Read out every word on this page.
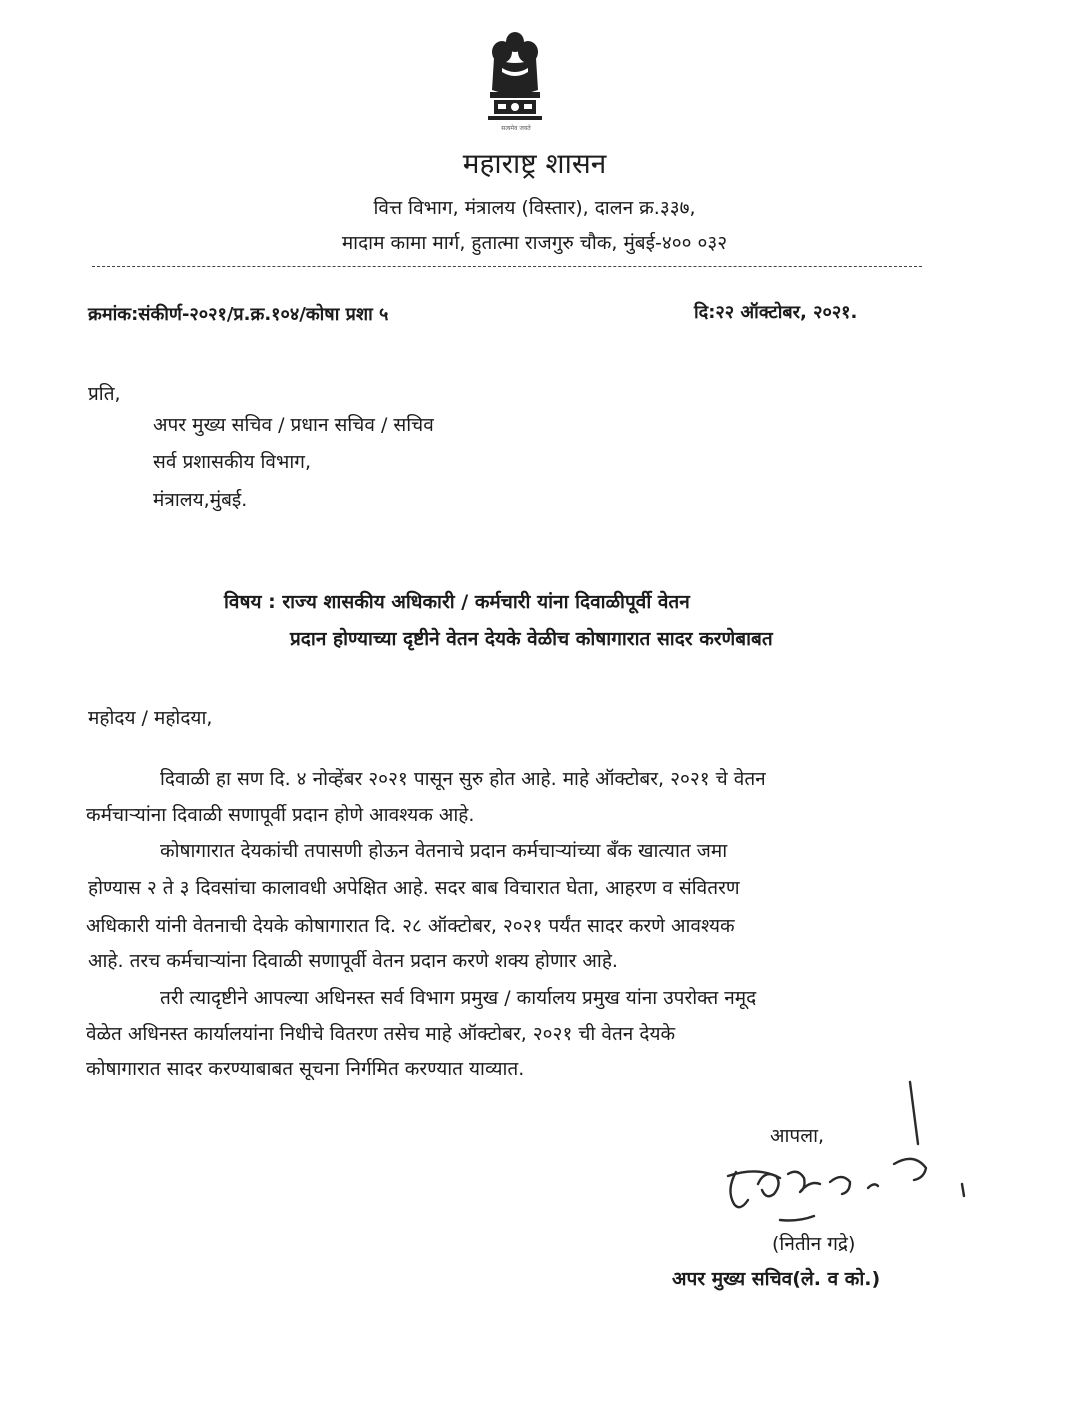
सत्यमेव जयते
महाराष्ट्र शासन
वित्त विभाग, मंत्रालय (विस्तार), दालन क्र.३३७,
मादाम कामा मार्ग, हुतात्मा राजगुरु चौक, मुंबई-४०० ०३२
क्रमांक:संकीर्ण-२०२१/प्र.क्र.१०४/कोषा प्रशा ५	दि:२२ ऑक्टोबर, २०२१.
प्रति,
अपर मुख्य सचिव / प्रधान सचिव / सचिव
सर्व प्रशासकीय विभाग,
मंत्रालय,मुंबई.
विषय : राज्य शासकीय अधिकारी / कर्मचारी यांना दिवाळीपूर्वी वेतन
प्रदान होण्याच्या दृष्टीने वेतन देयके वेळीच कोषागारात सादर करणेबाबत
महोदय / महोदया,
दिवाळी हा सण दि. ४ नोव्हेंबर २०२१ पासून सुरु होत आहे. माहे ऑक्टोबर, २०२१ चे वेतन
कर्मचाऱ्यांना दिवाळी सणापूर्वी प्रदान होणे आवश्यक आहे.
कोषागारात देयकांची तपासणी होऊन वेतनाचे प्रदान कर्मचाऱ्यांच्या बँक खात्यात जमा
होण्यास २ ते ३ दिवसांचा कालावधी अपेक्षित आहे. सदर बाब विचारात घेता, आहरण व संवितरण
अधिकारी यांनी वेतनाची देयके कोषागारात दि. २८ ऑक्टोबर, २०२१ पर्यंत सादर करणे आवश्यक
आहे. तरच कर्मचाऱ्यांना दिवाळी सणापूर्वी वेतन प्रदान करणे शक्य होणार आहे.
तरी त्यादृष्टीने आपल्या अधिनस्त सर्व विभाग प्रमुख / कार्यालय प्रमुख यांना उपरोक्त नमूद
वेळेत अधिनस्त कार्यालयांना निधीचे वितरण तसेच माहे ऑक्टोबर, २०२१ ची वेतन देयके
कोषागारात सादर करण्याबाबत सूचना निर्गमित करण्यात याव्यात.
आपला,
(नितीन गद्रे)
अपर मुख्य सचिव(ले. व को.)
